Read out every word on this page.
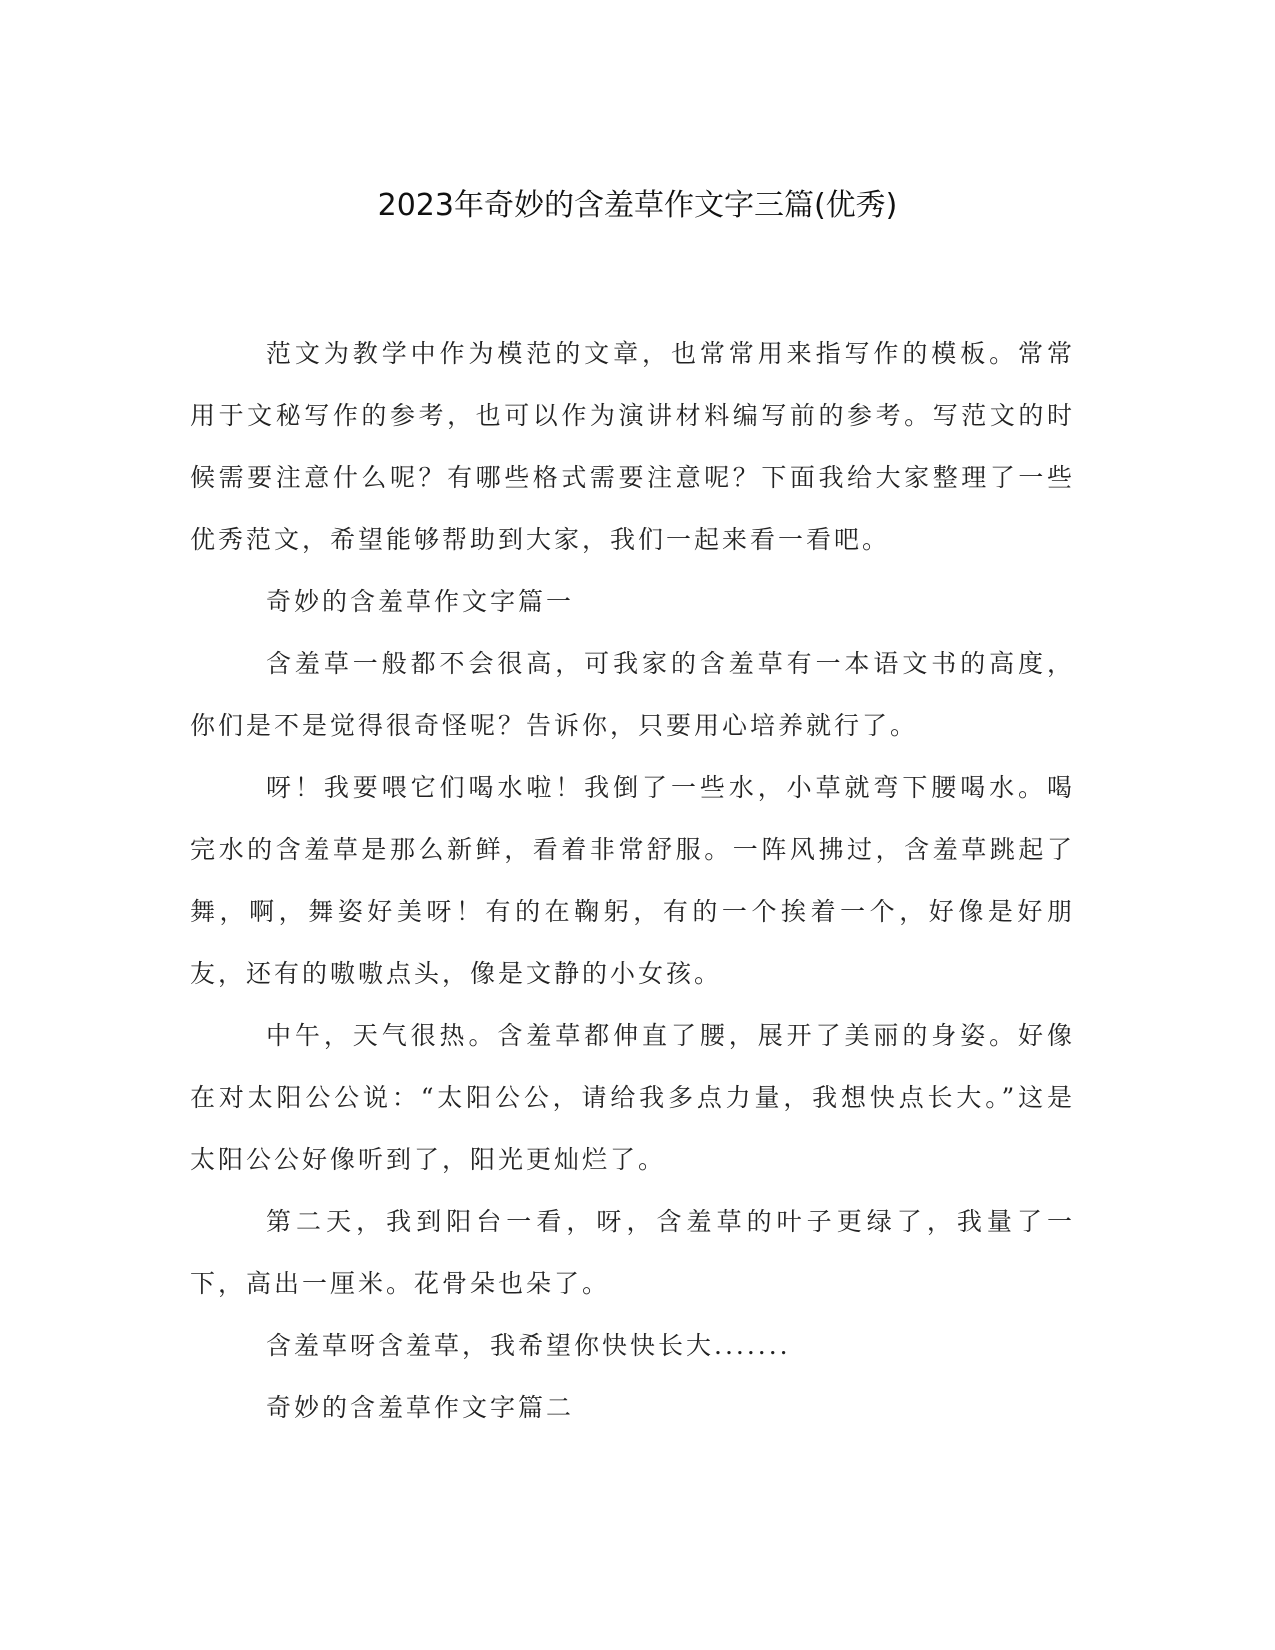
2023年奇妙的含羞草作文字三篇(优秀)

范文为教学中作为模范的文章，也常常用来指写作的模板。常常用于文秘写作的参考，也可以作为演讲材料编写前的参考。写范文的时候需要注意什么呢？有哪些格式需要注意呢？下面我给大家整理了一些优秀范文，希望能够帮助到大家，我们一起来看一看吧。

奇妙的含羞草作文字篇一

含羞草一般都不会很高，可我家的含羞草有一本语文书的高度，你们是不是觉得很奇怪呢？告诉你，只要用心培养就行了。

呀！我要喂它们喝水啦！我倒了一些水，小草就弯下腰喝水。喝完水的含羞草是那么新鲜，看着非常舒服。一阵风拂过，含羞草跳起了舞，啊，舞姿好美呀！有的在鞠躬，有的一个挨着一个，好像是好朋友，还有的嗷嗷点头，像是文静的小女孩。

中午，天气很热。含羞草都伸直了腰，展开了美丽的身姿。好像在对太阳公公说：“太阳公公，请给我多点力量，我想快点长大。”这是太阳公公好像听到了，阳光更灿烂了。

第二天，我到阳台一看，呀，含羞草的叶子更绿了，我量了一下，高出一厘米。花骨朵也朵了。

含羞草呀含羞草，我希望你快快长大.......

奇妙的含羞草作文字篇二
